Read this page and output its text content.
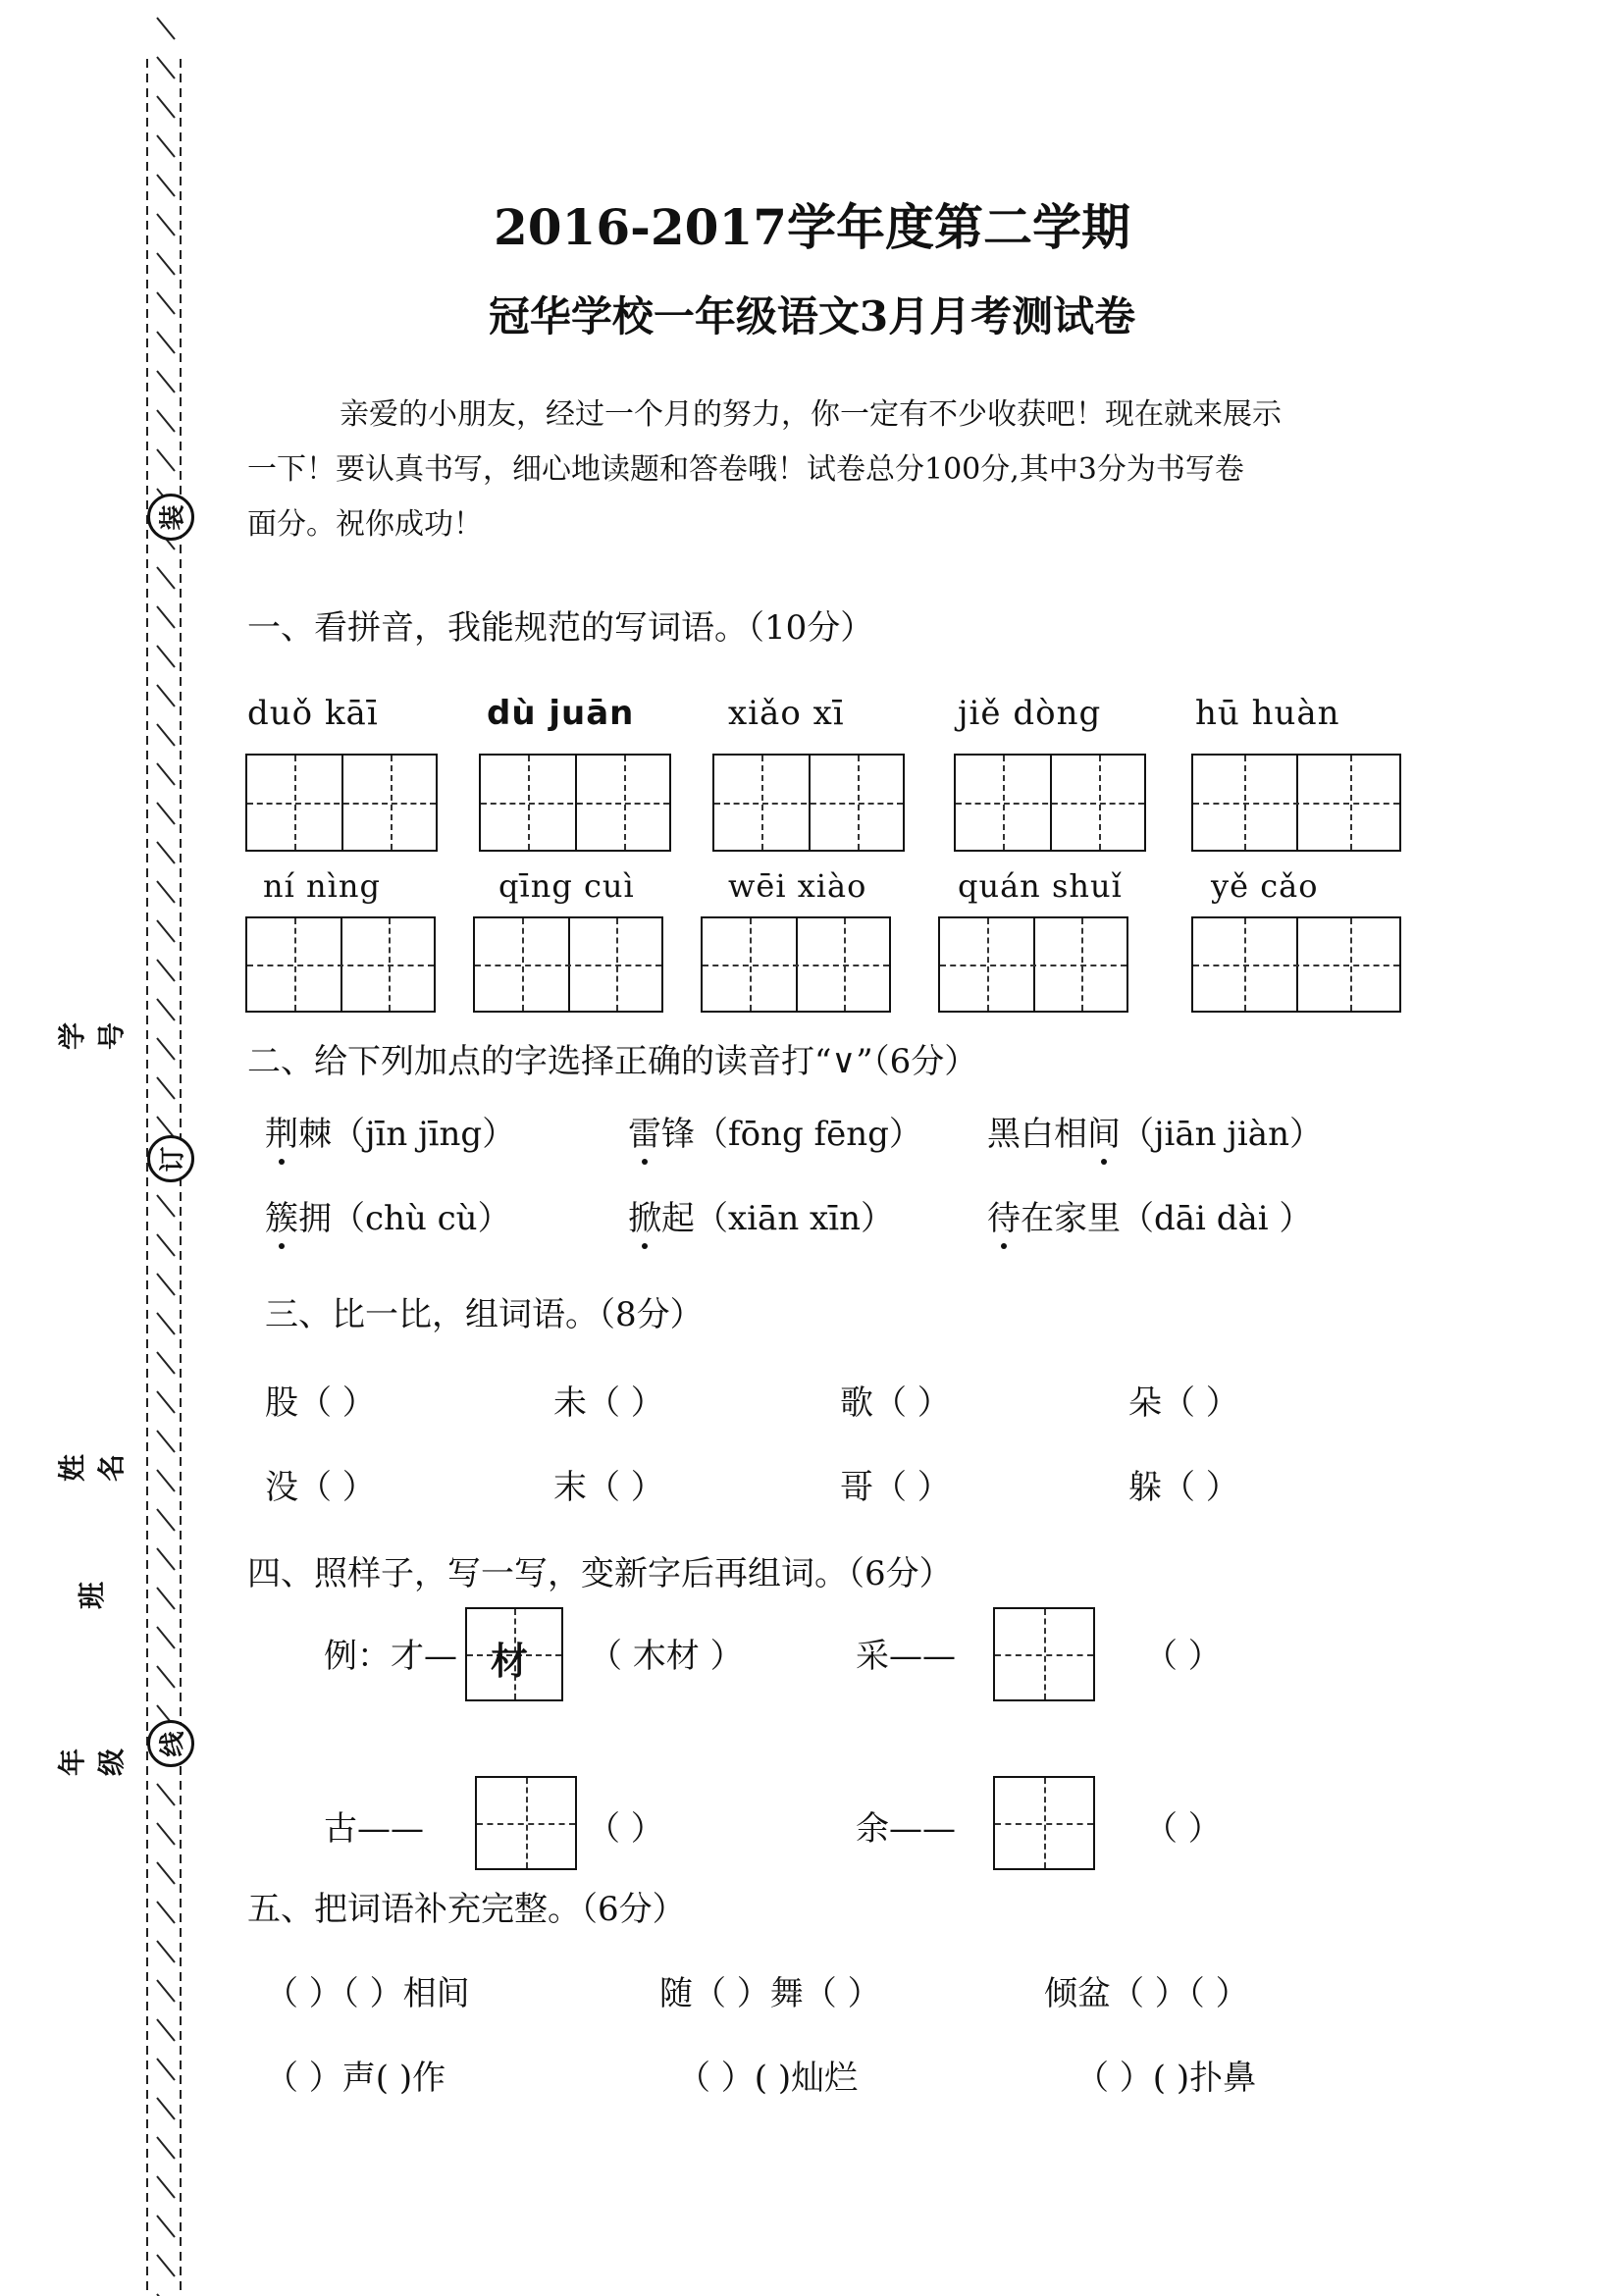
学号
姓名
班
年级
装
订
线
2016-2017学年度第二学期
冠华学校一年级语文3月月考测试卷
亲爱的小朋友，经过一个月的努力，你一定有不少收获吧！现在就来展示
一下！要认真书写，细心地读题和答卷哦！试卷总分100分,其中3分为书写卷
面分。祝你成功！
一、看拼音，我能规范的写词语。（10分）
duǒ kāī	dù juān	xiǎo xī	jiě dòng	hū huàn
ní nìng	qīng cuì	wēi xiào	quán shuǐ	yě cǎo
二、给下列加点的字选择正确的读音打“∨”（6分）
荆棘（jīn jīng）	雷锋（fōng fēng） 黑白相间（jiān jiàn）
簇拥（chù cù）	掀起（xiān xīn）	待在家里（dāi dài ）
三、比一比，组词语。（8分）
股（ ）	未（ ）	歌（ ）	朵（ ）
没（ ）	末（ ）	哥（ ）	躲（ ）
四、照样子，写一写，变新字后再组词。（6分）
例：才— 材 （ 木材 ）	采——	（ ）
古——	（ ）	余——	（ ）
五、把词语补充完整。（6分）
（ ）（ ）相间	随（ ）舞（ ）	倾盆（ ）（ ）
（ ）声( )作	（ ）( )灿烂	（ ）( )扑鼻
